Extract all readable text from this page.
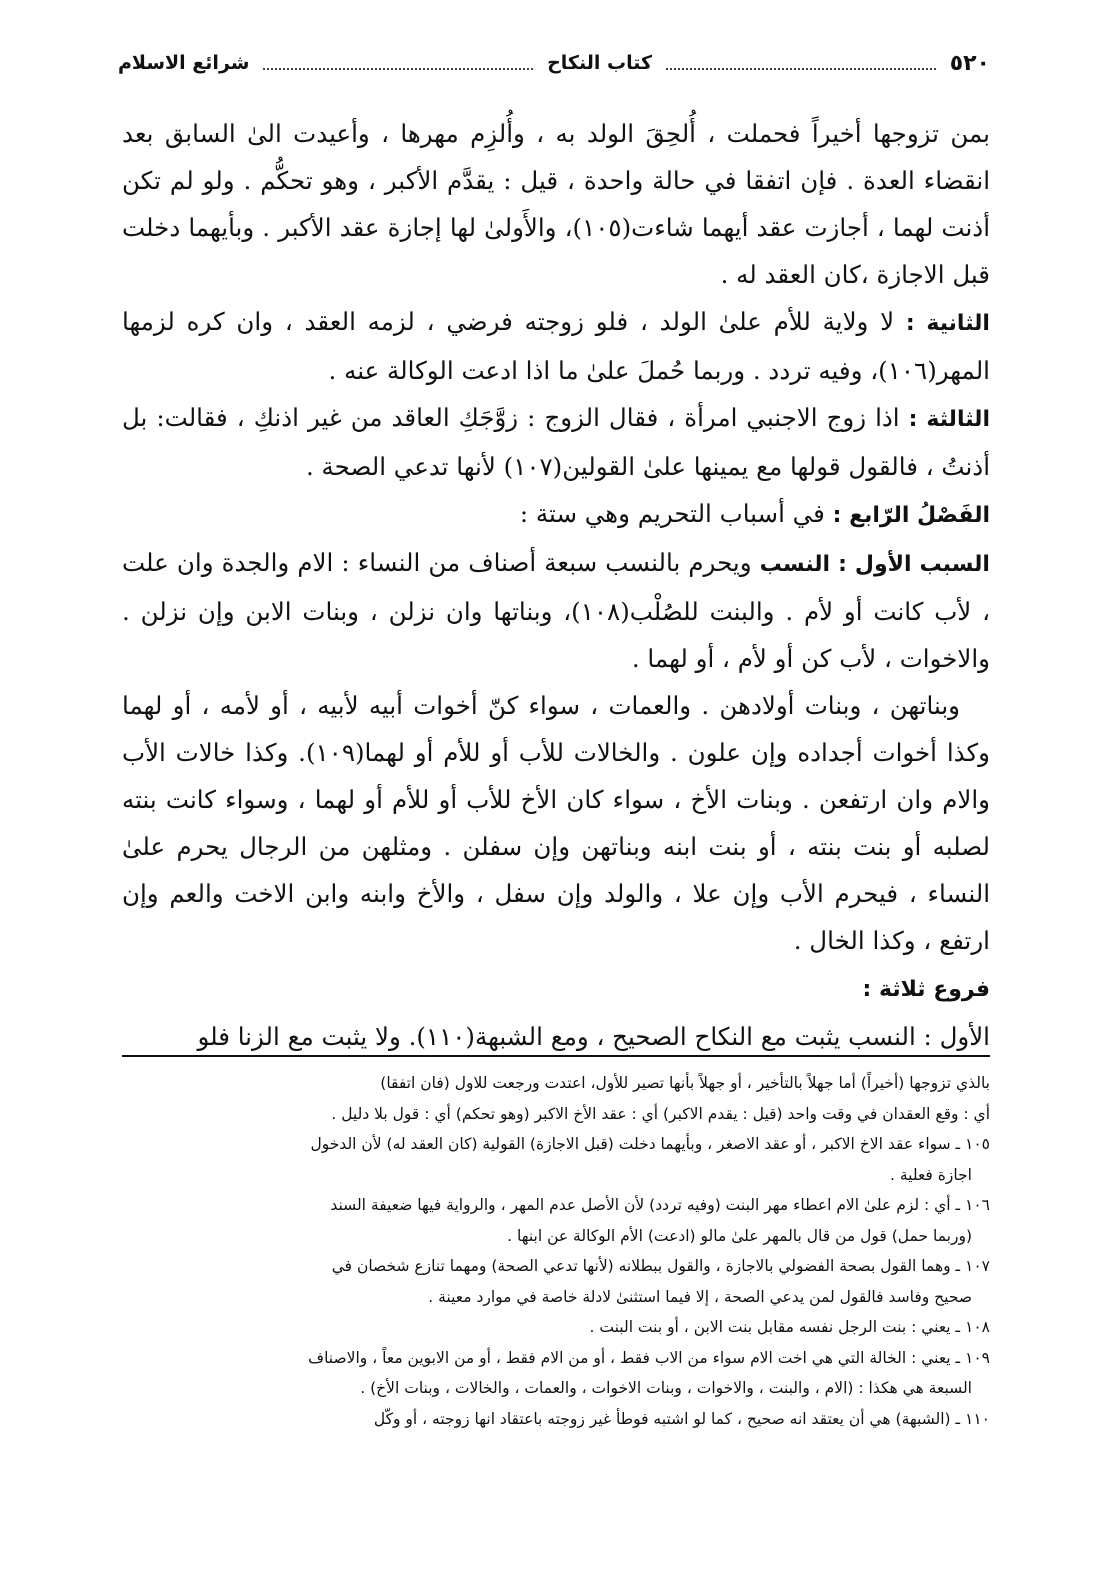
٥٢٠
كتاب النكاح
شرائع الاسلام

بمن تزوجها أخيراً فحملت ، أُلحِقَ الولد به ، وأُلزِم مهرها ، وأعيدت الىٰ السابق بعد انقضاء العدة . فإن اتفقا في حالة واحدة ، قيل : يقدَّم الأكبر ، وهو تحكُّم . ولو لم تكن أذنت لهما ، أجازت عقد أيهما شاءت(١٠٥)، والأَولىٰ لها إجازة عقد الأكبر . وبأيهما دخلت قبل الاجازة ،كان العقد له .

الثانية : لا ولاية للأم علىٰ الولد ، فلو زوجته فرضي ، لزمه العقد ، وان كره لزمها المهر(١٠٦)، وفيه تردد . وربما حُملَ علىٰ ما اذا ادعت الوكالة عنه .

الثالثة : اذا زوج الاجنبي امرأة ، فقال الزوج : زوَّجَكِ العاقد من غير اذنكِ ، فقالت: بل أذنتُ ، فالقول قولها مع يمينها علىٰ القولين(١٠٧) لأنها تدعي الصحة .

الفَصْلُ الرّابع : في أسباب التحريم وهي ستة :

السبب الأول : النسب ويحرم بالنسب سبعة أصناف من النساء : الام والجدة وان علت ، لأب كانت أو لأم . والبنت للصُلْب(١٠٨)، وبناتها وان نزلن ، وبنات الابن وإن نزلن . والاخوات ، لأب كن أو لأم ، أو لهما .

وبناتهن ، وبنات أولادهن . والعمات ، سواء كنّ أخوات أبيه لأبيه ، أو لأمه ، أو لهما وكذا أخوات أجداده وإن علون . والخالات للأب أو للأم أو لهما(١٠٩). وكذا خالات الأب والام وان ارتفعن . وبنات الأخ ، سواء كان الأخ للأب أو للأم أو لهما ، وسواء كانت بنته لصلبه أو بنت بنته ، أو بنت ابنه وبناتهن وإن سفلن . ومثلهن من الرجال يحرم علىٰ النساء ، فيحرم الأب وإن علا ، والولد وإن سفل ، والأخ وابنه وابن الاخت والعم وإن ارتفع ، وكذا الخال .

فروع ثلاثة :

الأول : النسب يثبت مع النكاح الصحيح ، ومع الشبهة(١١٠). ولا يثبت مع الزنا فلو

بالذي تزوجها (أخيراً) أما جهلاً بالتأخير ، أو جهلاً بأنها تصير للأول، اعتدت ورجعت للاول (فان اتفقا)

أي : وقع العقدان في وقت واحد (قيل : يقدم الاكبر) أي : عقد الأخ الاكبر (وهو تحكم) أي : قول بلا دليل .

١٠٥ ـ سواء عقد الاخ الاكبر ، أو عقد الاصغر ، وبأيهما دخلت (قبل الاجازة) القولية (كان العقد له) لأن الدخول

اجازة فعلية .

١٠٦ ـ أي : لزم علىٰ الام اعطاء مهر البنت (وفيه تردد) لأن الأصل عدم المهر ، والرواية فيها ضعيفة السند

(وربما حمل) قول من قال بالمهر علىٰ مالو (ادعت) الأم الوكالة عن ابنها .

١٠٧ ـ وهما القول بصحة الفضولي بالاجازة ، والقول ببطلانه (لأنها تدعي الصحة) ومهما تنازع شخصان في

صحيح وفاسد فالقول لمن يدعي الصحة ، إلا فيما استثنىٰ لادلة خاصة في موارد معينة .

١٠٨ ـ يعني : بنت الرجل نفسه مقابل بنت الابن ، أو بنت البنت .

١٠٩ ـ يعني : الخالة التي هي اخت الام سواء من الاب فقط ، أو من الام فقط ، أو من الابوين معاً ، والاصناف

السبعة هي هكذا : (الام ، والبنت ، والاخوات ، وبنات الاخوات ، والعمات ، والخالات ، وبنات الأخ) .

١١٠ ـ (الشبهة) هي أن يعتقد انه صحيح ، كما لو اشتبه فوطأ غير زوجته باعتقاد انها زوجته ، أو وكّل
